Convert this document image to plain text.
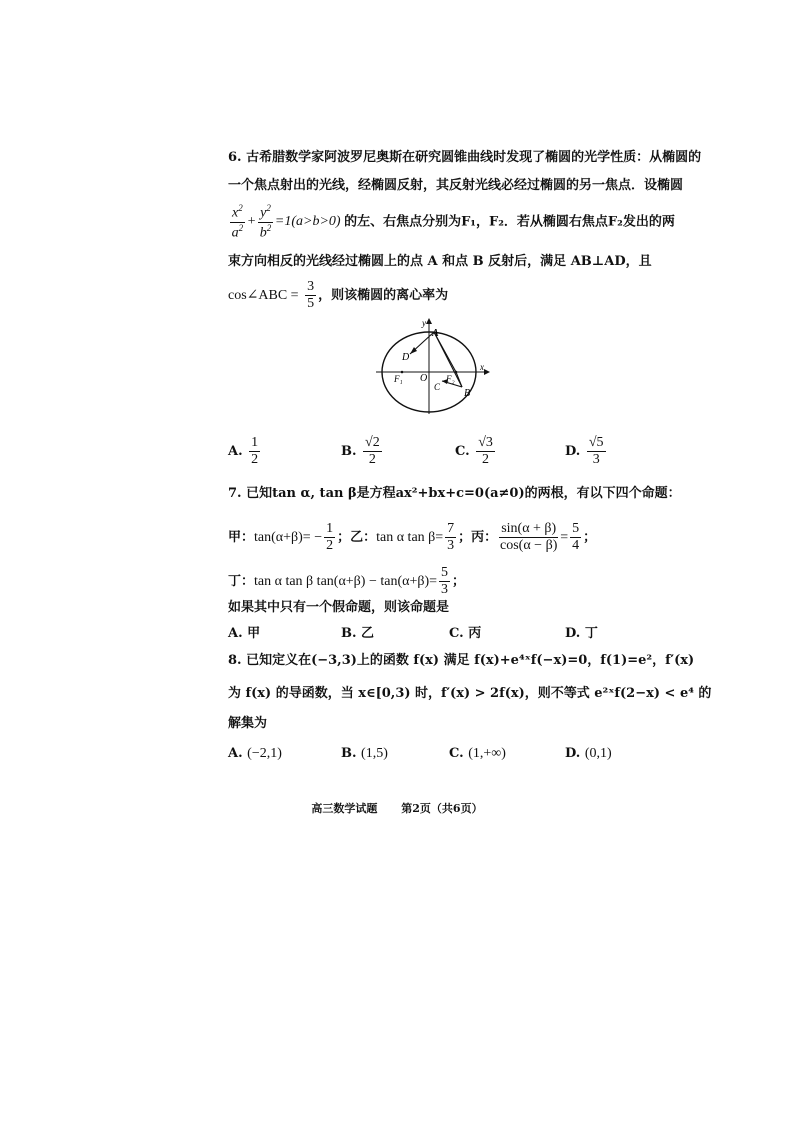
6. 古希腊数学家阿波罗尼奥斯在研究圆锥曲线时发现了椭圆的光学性质：从椭圆的
一个焦点射出的光线，经椭圆反射，其反射光线必经过椭圆的另一焦点．设椭圆
$\frac{x^2}{a^2} + \frac{y^2}{b^2} =1(a>b>0)$ 的左、右焦点分别为F₁，F₂．若从椭圆右焦点F₂发出的两
束方向相反的光线经过椭圆上的点 A 和点 B 反射后，满足 AB⊥AD，且
cos∠ABC = $\frac{3}{5}$ ，则该椭圆的离心率为
y
x
A
D
O
F₁	F₂
C
B
A. $\frac{1}{2}$	B. $\frac{√2}{2}$	C. $\frac{√3}{2}$	D. $\frac{√5}{3}$
7. 已知tan α, tan β是方程ax²+bx+c=0(a≠0)的两根，有以下四个命题：
甲：$\tan(\alpha+\beta)= - \frac{1}{2}$ ；乙：tan α $\tan \beta= \frac{7}{3}$ ；丙： $\frac{\sin(\alpha + \beta)}{\cos(\alpha - \beta)} = \frac{5}{4}$ ；
丁：tan α tan β $\tan(\alpha+\beta) - \tan(\alpha+\beta)= \frac{5}{3}$ ；
如果其中只有一个假命题，则该命题是
A. 甲	B. 乙	C. 丙	D. 丁
8. 已知定义在(−3,3)上的函数 f(x) 满足 f(x)+e⁴ˣf(−x)=0，f(1)=e²，f′(x)
为 f(x) 的导函数，当 x∈[0,3) 时，f′(x) > 2f(x)，则不等式 e²ˣf(2−x) < e⁴ 的
解集为
A. (−2,1)	B. (1,5)	C. (1,+∞)	D. (0,1)
高三数学试题 第2页（共6页）
